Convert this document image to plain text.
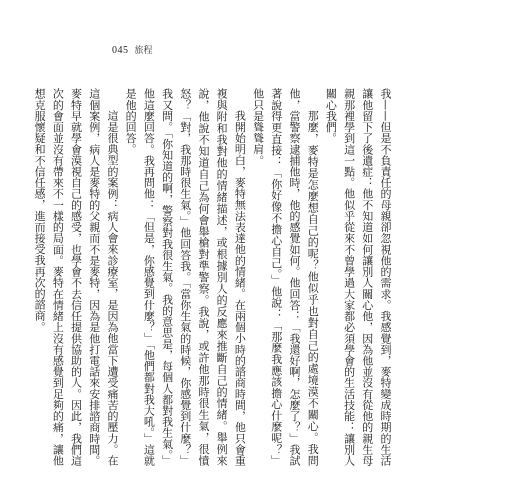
045 旅程

我——但是不負責任的母親卻忽視他的需求。我感覺到，麥特變成時期的生活讓他留下了後遺症：他不知道如何讓別人關心他，因為他並沒有從他的親生母親那裡學到這一點。他似乎從來不曾學過大家都必須學會的生活技能：讓別人關心我們。

那麼，麥特是怎麼想自己的呢？他似乎也對自己的處境漠不關心。我問他，當警察逮捕他時，他的感覺如何。他回答：「我還好啊，怎麼了？」我試著說得更直接：「你好像不擔心自己。」他說：「那麼我應該擔心什麼呢？」他只是聳聳肩。

我開始明白，麥特無法表達他的情緒。在兩個小時的諮商時間，他只會重複與附和我對他的情緒描述，或根據別人的反應來推斷自己的情緒。舉例來說，他說不知道自己為何會舉槍對準警察。我說，或許他那時很生氣，很憤怒？「對，我那時很生氣。」他回答我。「當你生氣的時候，你感覺到什麼？」我又問。「你知道的啊，警察對我很生氣。我的意思是，每個人都對我生氣。」他這麼回答。我再問他：「但是，你感覺到什麼？」「他們都對我大吼。」這就是他的回答。

這是很典型的案例：病人會來診療室，是因為他當下遭受痛苦的壓力。在這個案例，病人是麥特的父親而不是麥特，因為是他打電話來安排諮商時間。麥特早就學會漠視自己的感受，也學會不去信任提供協助的人。因此，我們這次的會面並沒有帶來不一樣的局面。麥特在情緒上沒有感覺到足夠的痛，讓他想克服懷疑和不信任感，進而接受我再次的諮商。
